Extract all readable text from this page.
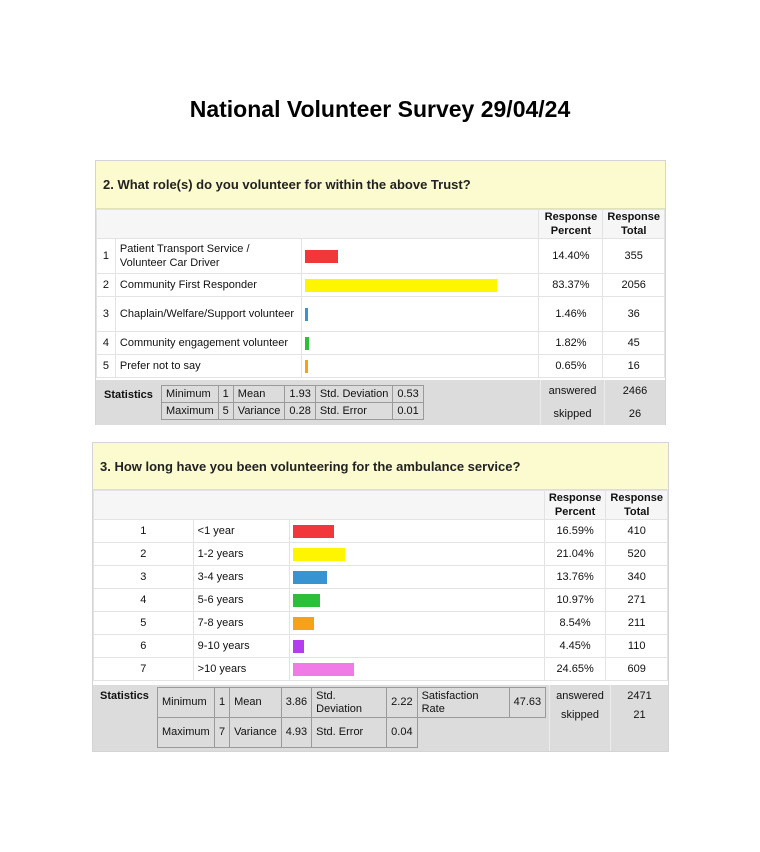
National Volunteer Survey 29/04/24
2. What role(s) do you volunteer for within the above Trust?
			Response Percent	Response Total
1	Patient Transport Service / Volunteer Car Driver		14.40%	355
2	Community First Responder		83.37%	2056
3	Chaplain/Welfare/Support volunteer		1.46%	36
4	Community engagement volunteer		1.82%	45
5	Prefer not to say		0.65%	16
Statistics Minimum	1	Mean	1.93	Std. Deviation	0.53
Maximum	5	Variance	0.28	Std. Error	0.01
answered	2466
skipped	26
3. How long have you been volunteering for the ambulance service?
			Response Percent	Response Total
1	<1 year		16.59%	410
2	1-2 years		21.04%	520
3	3-4 years		13.76%	340
4	5-6 years		10.97%	271
5	7-8 years		8.54%	211
6	9-10 years		4.45%	110
7	>10 years		24.65%	609
Statistics Minimum	1	Mean	3.86	Std. Deviation	2.22	Satisfaction Rate	47.63
Maximum	7	Variance	4.93	Std. Error	0.04		
answered	2471
skipped	21
